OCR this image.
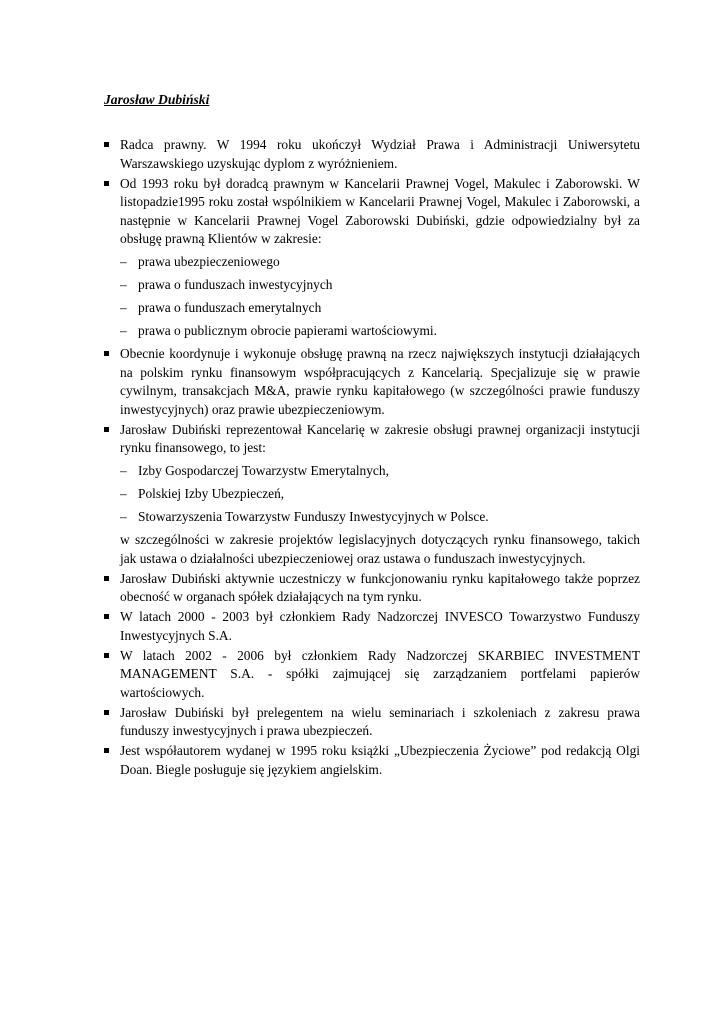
Jarosław Dubiński
Radca prawny. W 1994 roku ukończył Wydział Prawa i Administracji Uniwersytetu Warszawskiego uzyskując dyplom z wyróżnieniem.
Od 1993 roku był doradcą prawnym w Kancelarii Prawnej Vogel, Makulec i Zaborowski. W listopadzie1995 roku został wspólnikiem w Kancelarii Prawnej Vogel, Makulec i Zaborowski, a następnie w Kancelarii Prawnej Vogel Zaborowski Dubiński, gdzie odpowiedzialny był za obsługę prawną Klientów w zakresie:
– prawa ubezpieczeniowego
– prawa o funduszach inwestycyjnych
– prawa o funduszach emerytalnych
– prawa o publicznym obrocie papierami wartościowymi.
Obecnie koordynuje i wykonuje obsługę prawną na rzecz największych instytucji działających na polskim rynku finansowym współpracujących z Kancelarią. Specjalizuje się w prawie cywilnym, transakcjach M&A, prawie rynku kapitałowego (w szczególności prawie funduszy inwestycyjnych) oraz prawie ubezpieczeniowym.
Jarosław Dubiński reprezentował Kancelarię w zakresie obsługi prawnej organizacji instytucji rynku finansowego, to jest:
– Izby Gospodarczej Towarzystw Emerytalnych,
– Polskiej Izby Ubezpieczeń,
– Stowarzyszenia Towarzystw Funduszy Inwestycyjnych w Polsce.
w szczególności w zakresie projektów legislacyjnych dotyczących rynku finansowego, takich jak ustawa o działalności ubezpieczeniowej oraz ustawa o funduszach inwestycyjnych.
Jarosław Dubiński aktywnie uczestniczy w funkcjonowaniu rynku kapitałowego także poprzez obecność w organach spółek działających na tym rynku.
W latach 2000 - 2003 był członkiem Rady Nadzorczej INVESCO Towarzystwo Funduszy Inwestycyjnych S.A.
W latach 2002 - 2006 był członkiem Rady Nadzorczej SKARBIEC INVESTMENT MANAGEMENT S.A. - spółki zajmującej się zarządzaniem portfelami papierów wartościowych.
Jarosław Dubiński był prelegentem na wielu seminariach i szkoleniach z zakresu prawa funduszy inwestycyjnych i prawa ubezpieczeń.
Jest współautorem wydanej w 1995 roku książki „Ubezpieczenia Życiowe” pod redakcją Olgi Doan. Biegle posługuje się językiem angielskim.
